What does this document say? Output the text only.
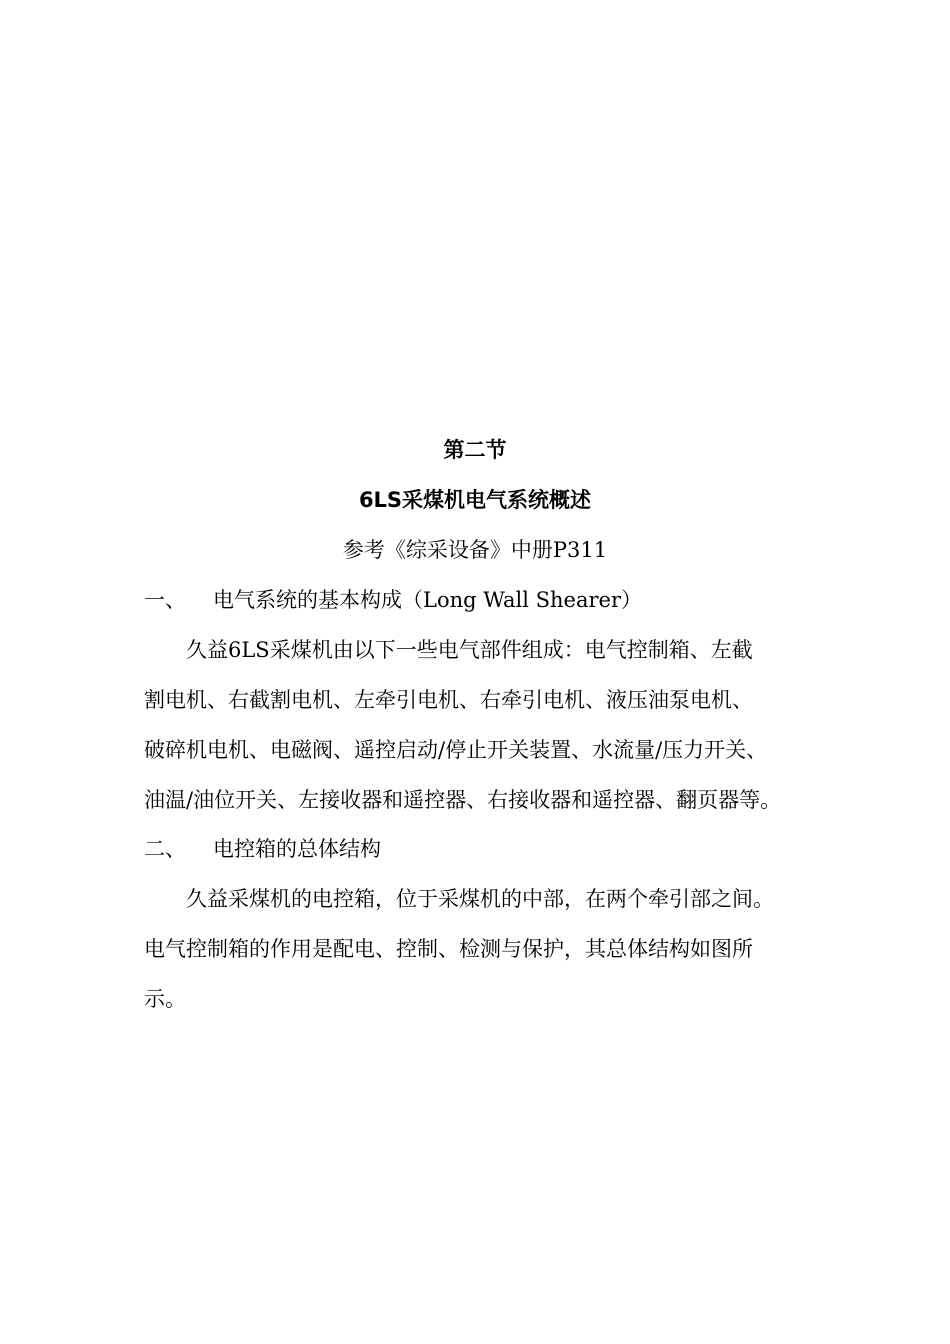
第二节
6LS采煤机电气系统概述
参考《综采设备》中册P311
一、 电气系统的基本构成（Long Wall Shearer）
久益6LS采煤机由以下一些电气部件组成：电气控制箱、左截
割电机、右截割电机、左牵引电机、右牵引电机、液压油泵电机、
破碎机电机、电磁阀、遥控启动/停止开关装置、水流量/压力开关、
油温/油位开关、左接收器和遥控器、右接收器和遥控器、翻页器等。
二、 电控箱的总体结构
久益采煤机的电控箱，位于采煤机的中部，在两个牵引部之间。
电气控制箱的作用是配电、控制、检测与保护，其总体结构如图所
示。
